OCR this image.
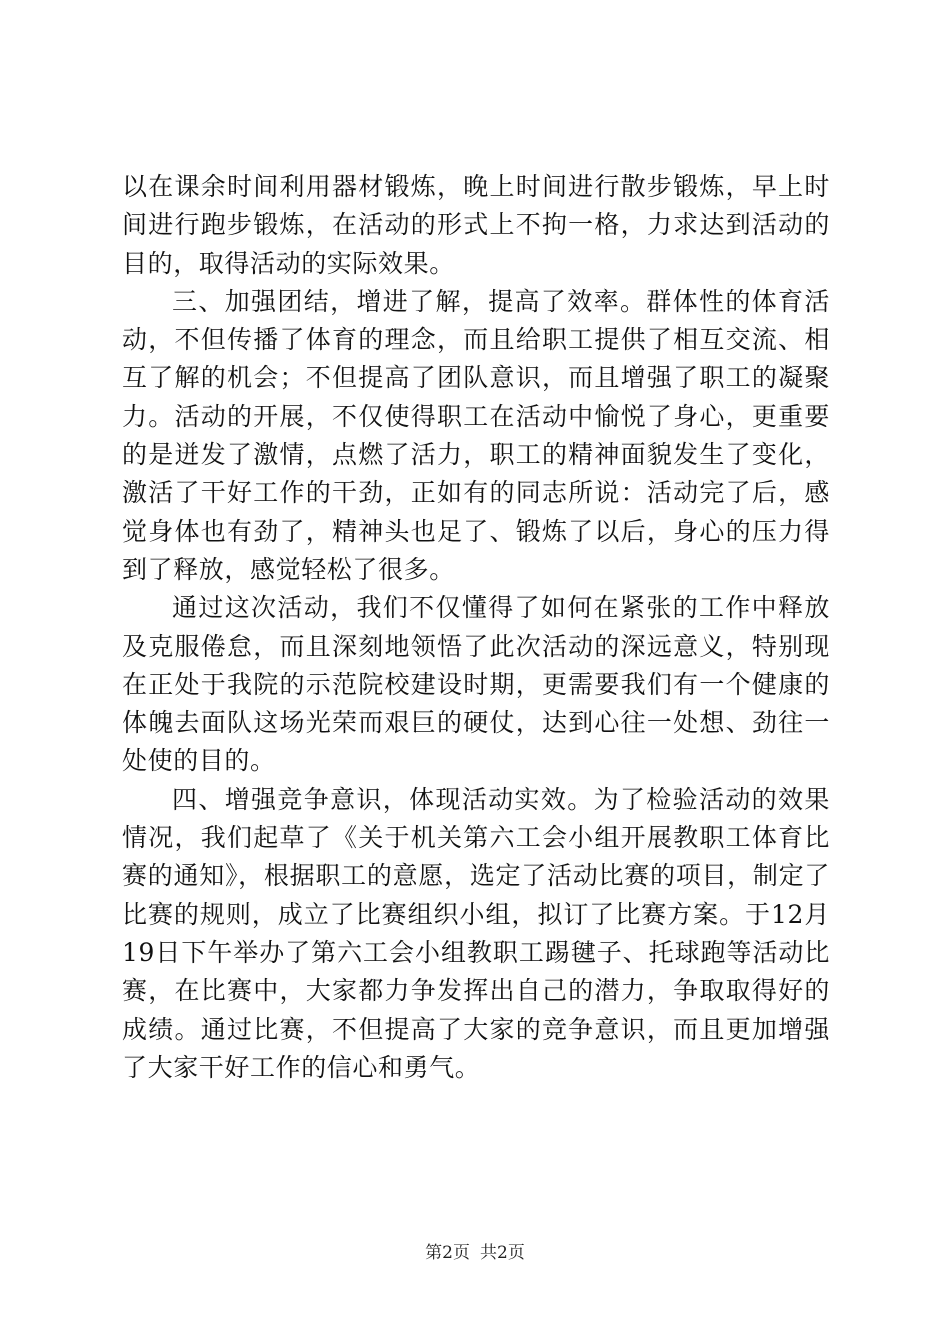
以在课余时间利用器材锻炼，晚上时间进行散步锻炼，早上时间进行跑步锻炼，在活动的形式上不拘一格，力求达到活动的目的，取得活动的实际效果。

三、加强团结，增进了解，提高了效率。群体性的体育活动，不但传播了体育的理念，而且给职工提供了相互交流、相互了解的机会；不但提高了团队意识，而且增强了职工的凝聚力。活动的开展，不仅使得职工在活动中愉悦了身心，更重要的是迸发了激情，点燃了活力，职工的精神面貌发生了变化，激活了干好工作的干劲，正如有的同志所说：活动完了后，感觉身体也有劲了，精神头也足了、锻炼了以后，身心的压力得到了释放，感觉轻松了很多。

通过这次活动，我们不仅懂得了如何在紧张的工作中释放及克服倦怠，而且深刻地领悟了此次活动的深远意义，特别现在正处于我院的示范院校建设时期，更需要我们有一个健康的体魄去面队这场光荣而艰巨的硬仗，达到心往一处想、劲往一处使的目的。

四、增强竞争意识，体现活动实效。为了检验活动的效果情况，我们起草了《关于机关第六工会小组开展教职工体育比赛的通知》，根据职工的意愿，选定了活动比赛的项目，制定了比赛的规则，成立了比赛组织小组，拟订了比赛方案。于12月19日下午举办了第六工会小组教职工踢毽子、托球跑等活动比赛，在比赛中，大家都力争发挥出自己的潜力，争取取得好的成绩。通过比赛，不但提高了大家的竞争意识，而且更加增强了大家干好工作的信心和勇气。

第2页 共2页
